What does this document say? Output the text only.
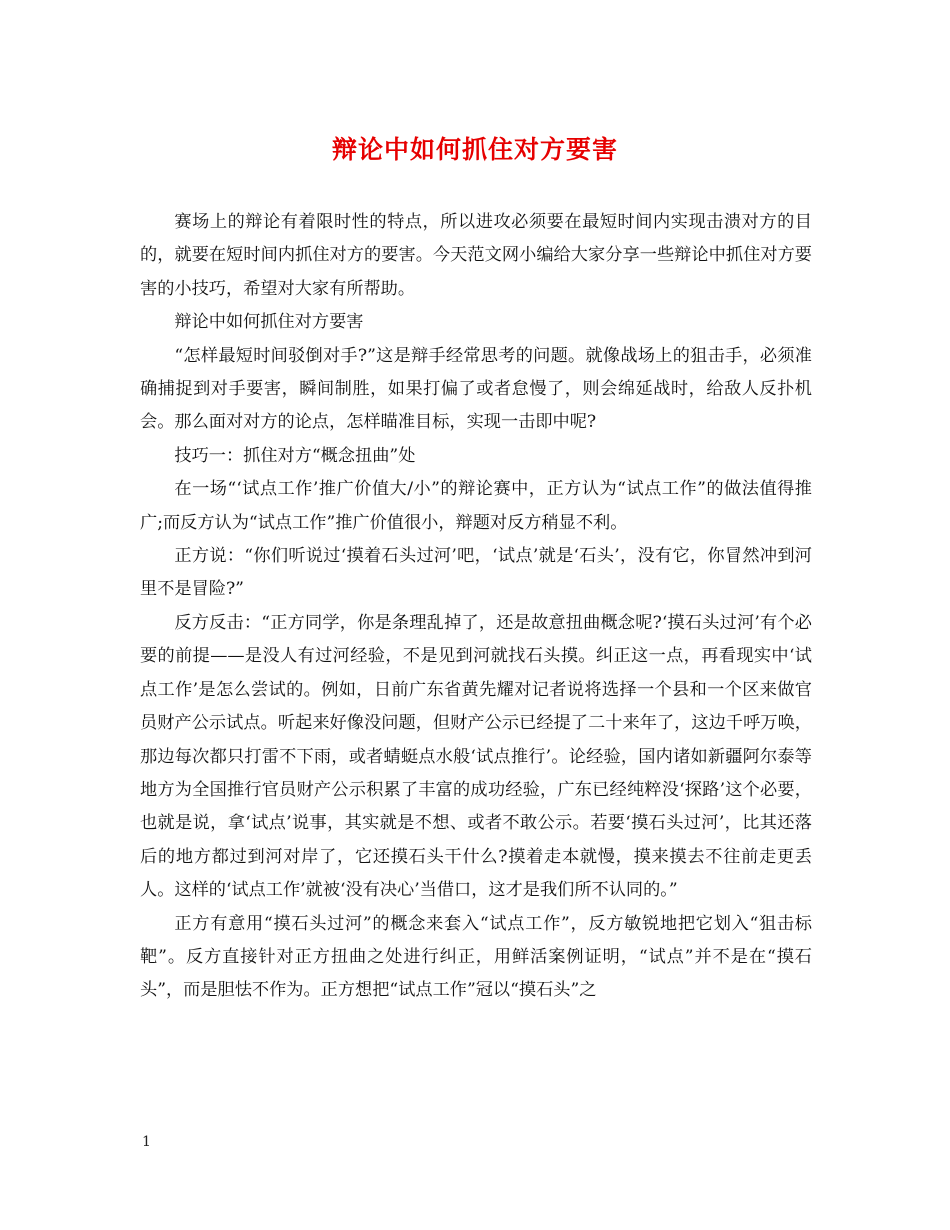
辩论中如何抓住对方要害

赛场上的辩论有着限时性的特点，所以进攻必须要在最短时间内实现击溃对方的目的，就要在短时间内抓住对方的要害。今天范文网小编给大家分享一些辩论中抓住对方要害的小技巧，希望对大家有所帮助。

辩论中如何抓住对方要害

“怎样最短时间驳倒对手?”这是辩手经常思考的问题。就像战场上的狙击手，必须准确捕捉到对手要害，瞬间制胜，如果打偏了或者怠慢了，则会绵延战时，给敌人反扑机会。那么面对对方的论点，怎样瞄准目标，实现一击即中呢?

技巧一：抓住对方“概念扭曲”处

在一场“‘试点工作’推广价值大/小”的辩论赛中，正方认为“试点工作”的做法值得推广;而反方认为“试点工作”推广价值很小，辩题对反方稍显不利。

正方说：“你们听说过‘摸着石头过河’吧，‘试点’就是‘石头’，没有它，你冒然冲到河里不是冒险?”

反方反击：“正方同学，你是条理乱掉了，还是故意扭曲概念呢?‘摸石头过河’有个必要的前提——是没人有过河经验，不是见到河就找石头摸。纠正这一点，再看现实中‘试点工作’是怎么尝试的。例如，日前广东省黄先耀对记者说将选择一个县和一个区来做官员财产公示试点。听起来好像没问题，但财产公示已经提了二十来年了，这边千呼万唤，那边每次都只打雷不下雨，或者蜻蜓点水般‘试点推行’。论经验，国内诸如新疆阿尔泰等地方为全国推行官员财产公示积累了丰富的成功经验，广东已经纯粹没‘探路’这个必要，也就是说，拿‘试点’说事，其实就是不想、或者不敢公示。若要‘摸石头过河’，比其还落后的地方都过到河对岸了，它还摸石头干什么?摸着走本就慢，摸来摸去不往前走更丢人。这样的‘试点工作’就被‘没有决心’当借口，这才是我们所不认同的。”

正方有意用“摸石头过河”的概念来套入“试点工作”，反方敏锐地把它划入“狙击标靶”。反方直接针对正方扭曲之处进行纠正，用鲜活案例证明，“试点”并不是在“摸石头”，而是胆怯不作为。正方想把“试点工作”冠以“摸石头”之

1
